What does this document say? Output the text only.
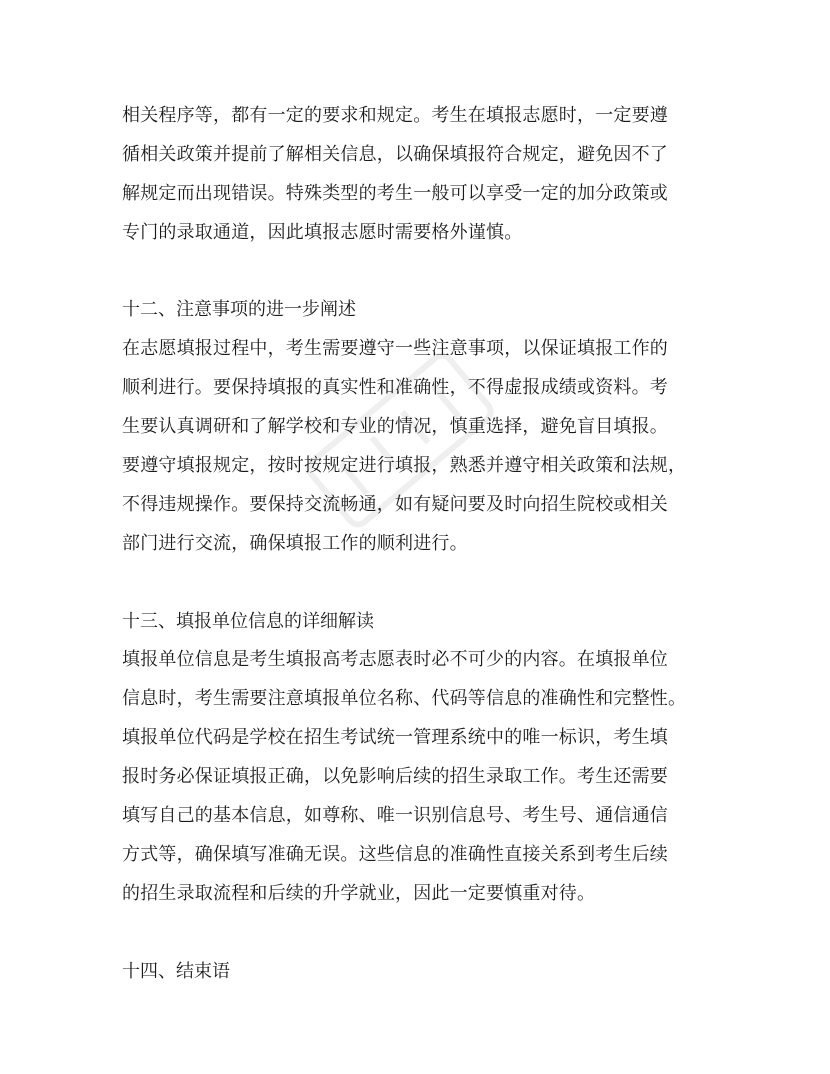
相关程序等，都有一定的要求和规定。考生在填报志愿时，一定要遵
循相关政策并提前了解相关信息，以确保填报符合规定，避免因不了
解规定而出现错误。特殊类型的考生一般可以享受一定的加分政策或
专门的录取通道，因此填报志愿时需要格外谨慎。
十二、注意事项的进一步阐述
在志愿填报过程中，考生需要遵守一些注意事项，以保证填报工作的
顺利进行。要保持填报的真实性和准确性，不得虚报成绩或资料。考
生要认真调研和了解学校和专业的情况，慎重选择，避免盲目填报。
要遵守填报规定，按时按规定进行填报，熟悉并遵守相关政策和法规，
不得违规操作。要保持交流畅通，如有疑问要及时向招生院校或相关
部门进行交流，确保填报工作的顺利进行。
十三、填报单位信息的详细解读
填报单位信息是考生填报高考志愿表时必不可少的内容。在填报单位
信息时，考生需要注意填报单位名称、代码等信息的准确性和完整性。
填报单位代码是学校在招生考试统一管理系统中的唯一标识，考生填
报时务必保证填报正确，以免影响后续的招生录取工作。考生还需要
填写自己的基本信息，如尊称、唯一识别信息号、考生号、通信通信
方式等，确保填写准确无误。这些信息的准确性直接关系到考生后续
的招生录取流程和后续的升学就业，因此一定要慎重对待。
十四、结束语
